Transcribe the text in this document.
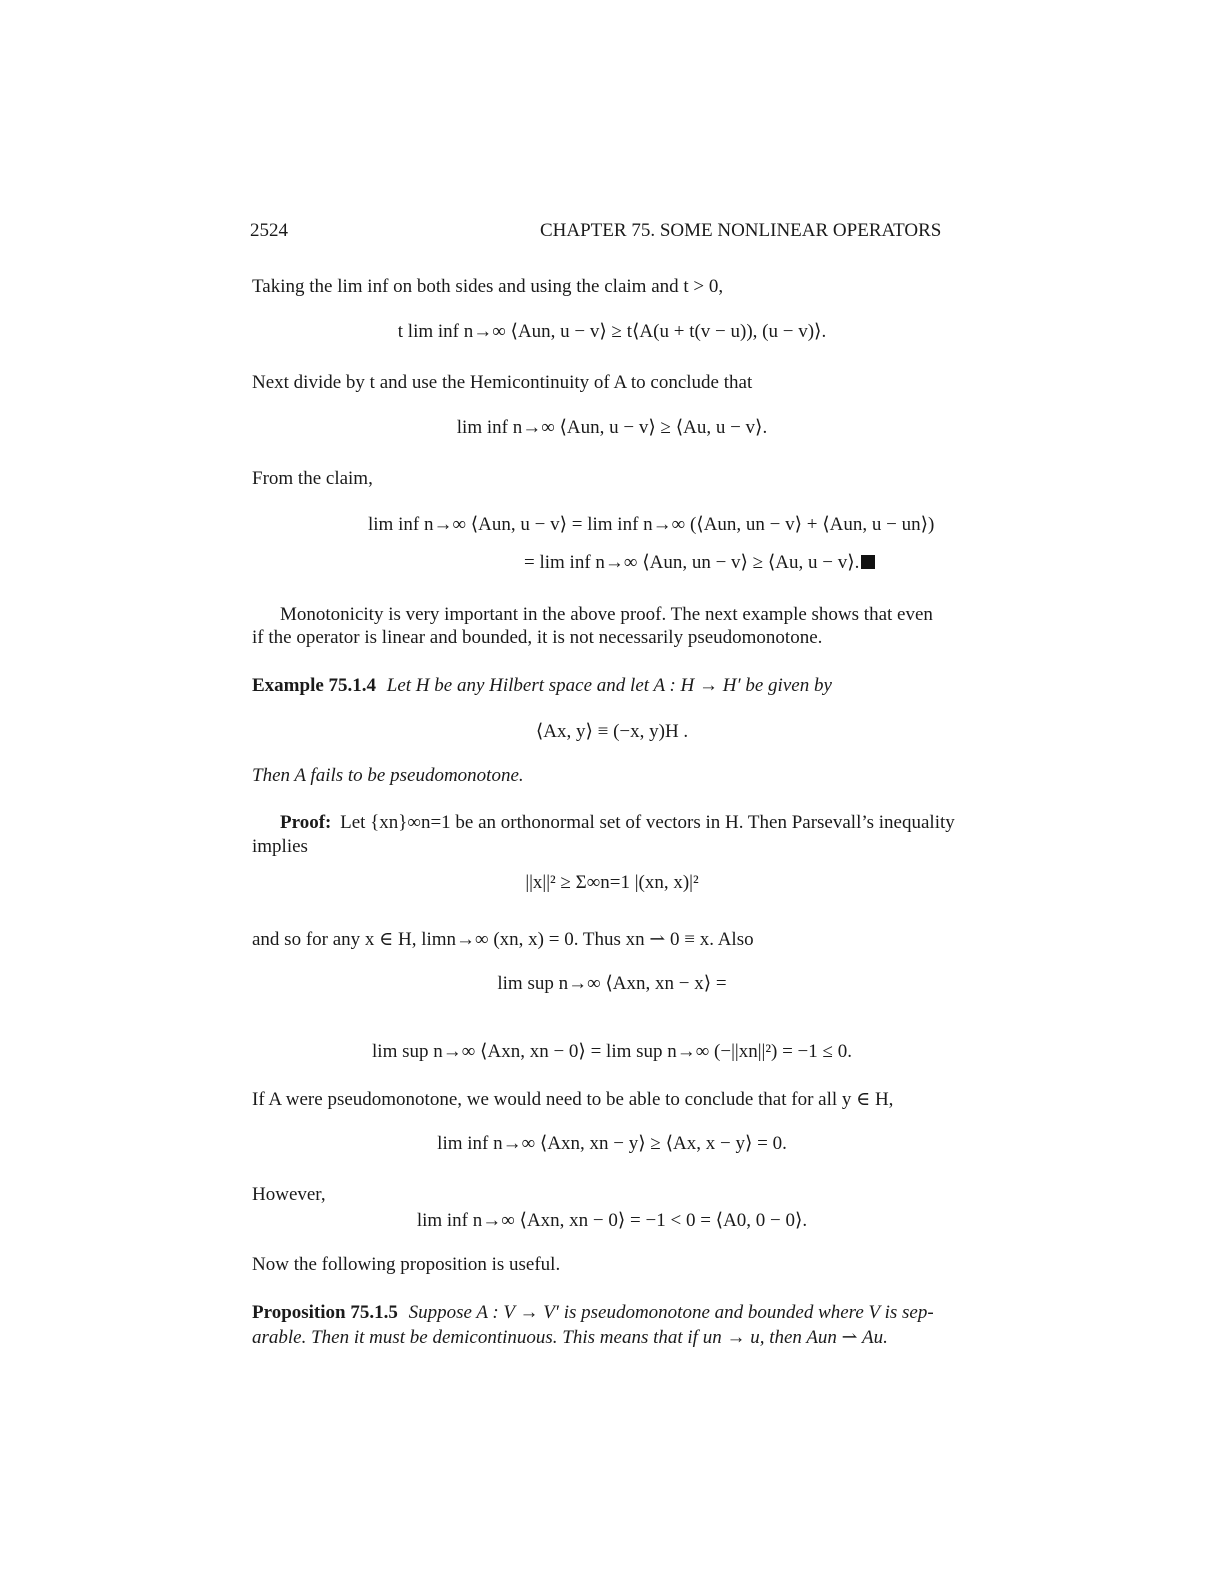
2524	CHAPTER 75. SOME NONLINEAR OPERATORS
Taking the lim inf on both sides and using the claim and t > 0,
t lim inf n→∞ ⟨Aun, u − v⟩ ≥ t⟨A(u + t(v − u)), (u − v)⟩.
Next divide by t and use the Hemicontinuity of A to conclude that
lim inf n→∞ ⟨Aun, u − v⟩ ≥ ⟨Au, u − v⟩.
From the claim,
lim inf n→∞ ⟨Aun, u − v⟩ = lim inf n→∞ (⟨Aun, un − v⟩ + ⟨Aun, u − un⟩)
= lim inf n→∞ ⟨Aun, un − v⟩ ≥ ⟨Au, u − v⟩.
Monotonicity is very important in the above proof. The next example shows that even
if the operator is linear and bounded, it is not necessarily pseudomonotone.
Example 75.1.4 Let H be any Hilbert space and let A : H → H′ be given by
⟨Ax, y⟩ ≡ (−x, y)H .
Then A fails to be pseudomonotone.
Proof: Let {xn}∞n=1 be an orthonormal set of vectors in H. Then Parsevall’s inequality
implies
||x||² ≥ Σ∞n=1 |(xn, x)|²
and so for any x ∈ H, limn→∞ (xn, x) = 0. Thus xn ⇀ 0 ≡ x. Also
lim sup n→∞ ⟨Axn, xn − x⟩ =
lim sup n→∞ ⟨Axn, xn − 0⟩ = lim sup n→∞ (−||xn||²) = −1 ≤ 0.
If A were pseudomonotone, we would need to be able to conclude that for all y ∈ H,
lim inf n→∞ ⟨Axn, xn − y⟩ ≥ ⟨Ax, x − y⟩ = 0.
However,
lim inf n→∞ ⟨Axn, xn − 0⟩ = −1 < 0 = ⟨A0, 0 − 0⟩.
Now the following proposition is useful.
Proposition 75.1.5 Suppose A : V → V′ is pseudomonotone and bounded where V is sep-
arable. Then it must be demicontinuous. This means that if un → u, then Aun ⇀ Au.
